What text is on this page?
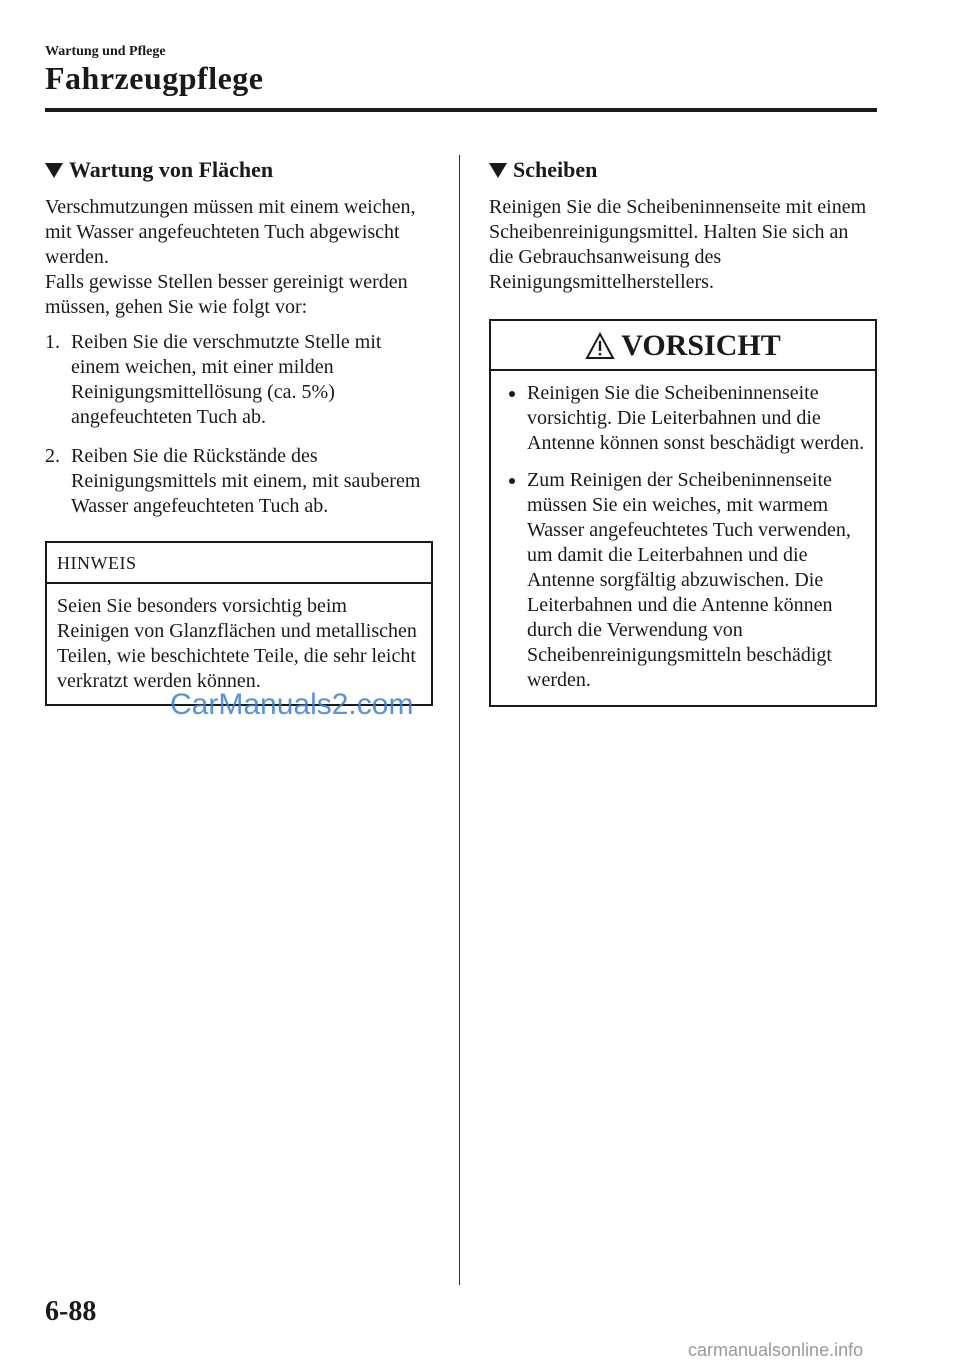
Wartung und Pflege
Fahrzeugpflege
Wartung von Flächen

Verschmutzungen müssen mit einem weichen, mit Wasser angefeuchteten Tuch abgewischt werden.

Falls gewisse Stellen besser gereinigt werden müssen, gehen Sie wie folgt vor:

1. Reiben Sie die verschmutzte Stelle mit einem weichen, mit einer milden Reinigungsmittellösung (ca. 5%) angefeuchteten Tuch ab.
2. Reiben Sie die Rückstände des Reinigungsmittels mit einem, mit sauberem Wasser angefeuchteten Tuch ab.
HINWEIS
Seien Sie besonders vorsichtig beim Reinigen von Glanzflächen und metallischen Teilen, wie beschichtete Teile, die sehr leicht verkratzt werden können.
Scheiben

Reinigen Sie die Scheibeninnenseite mit einem Scheibenreinigungsmittel. Halten Sie sich an die Gebrauchsanweisung des Reinigungsmittelherstellers.

VORSICHT
Reinigen Sie die Scheibeninnenseite vorsichtig. Die Leiterbahnen und die Antenne können sonst beschädigt werden.
Zum Reinigen der Scheibeninnenseite müssen Sie ein weiches, mit warmem Wasser angefeuchtetes Tuch verwenden, um damit die Leiterbahnen und die Antenne sorgfältig abzuwischen. Die Leiterbahnen und die Antenne können durch die Verwendung von Scheibenreinigungsmitteln beschädigt werden.
CarManuals2.com
6-88
carmanualsonline.info
